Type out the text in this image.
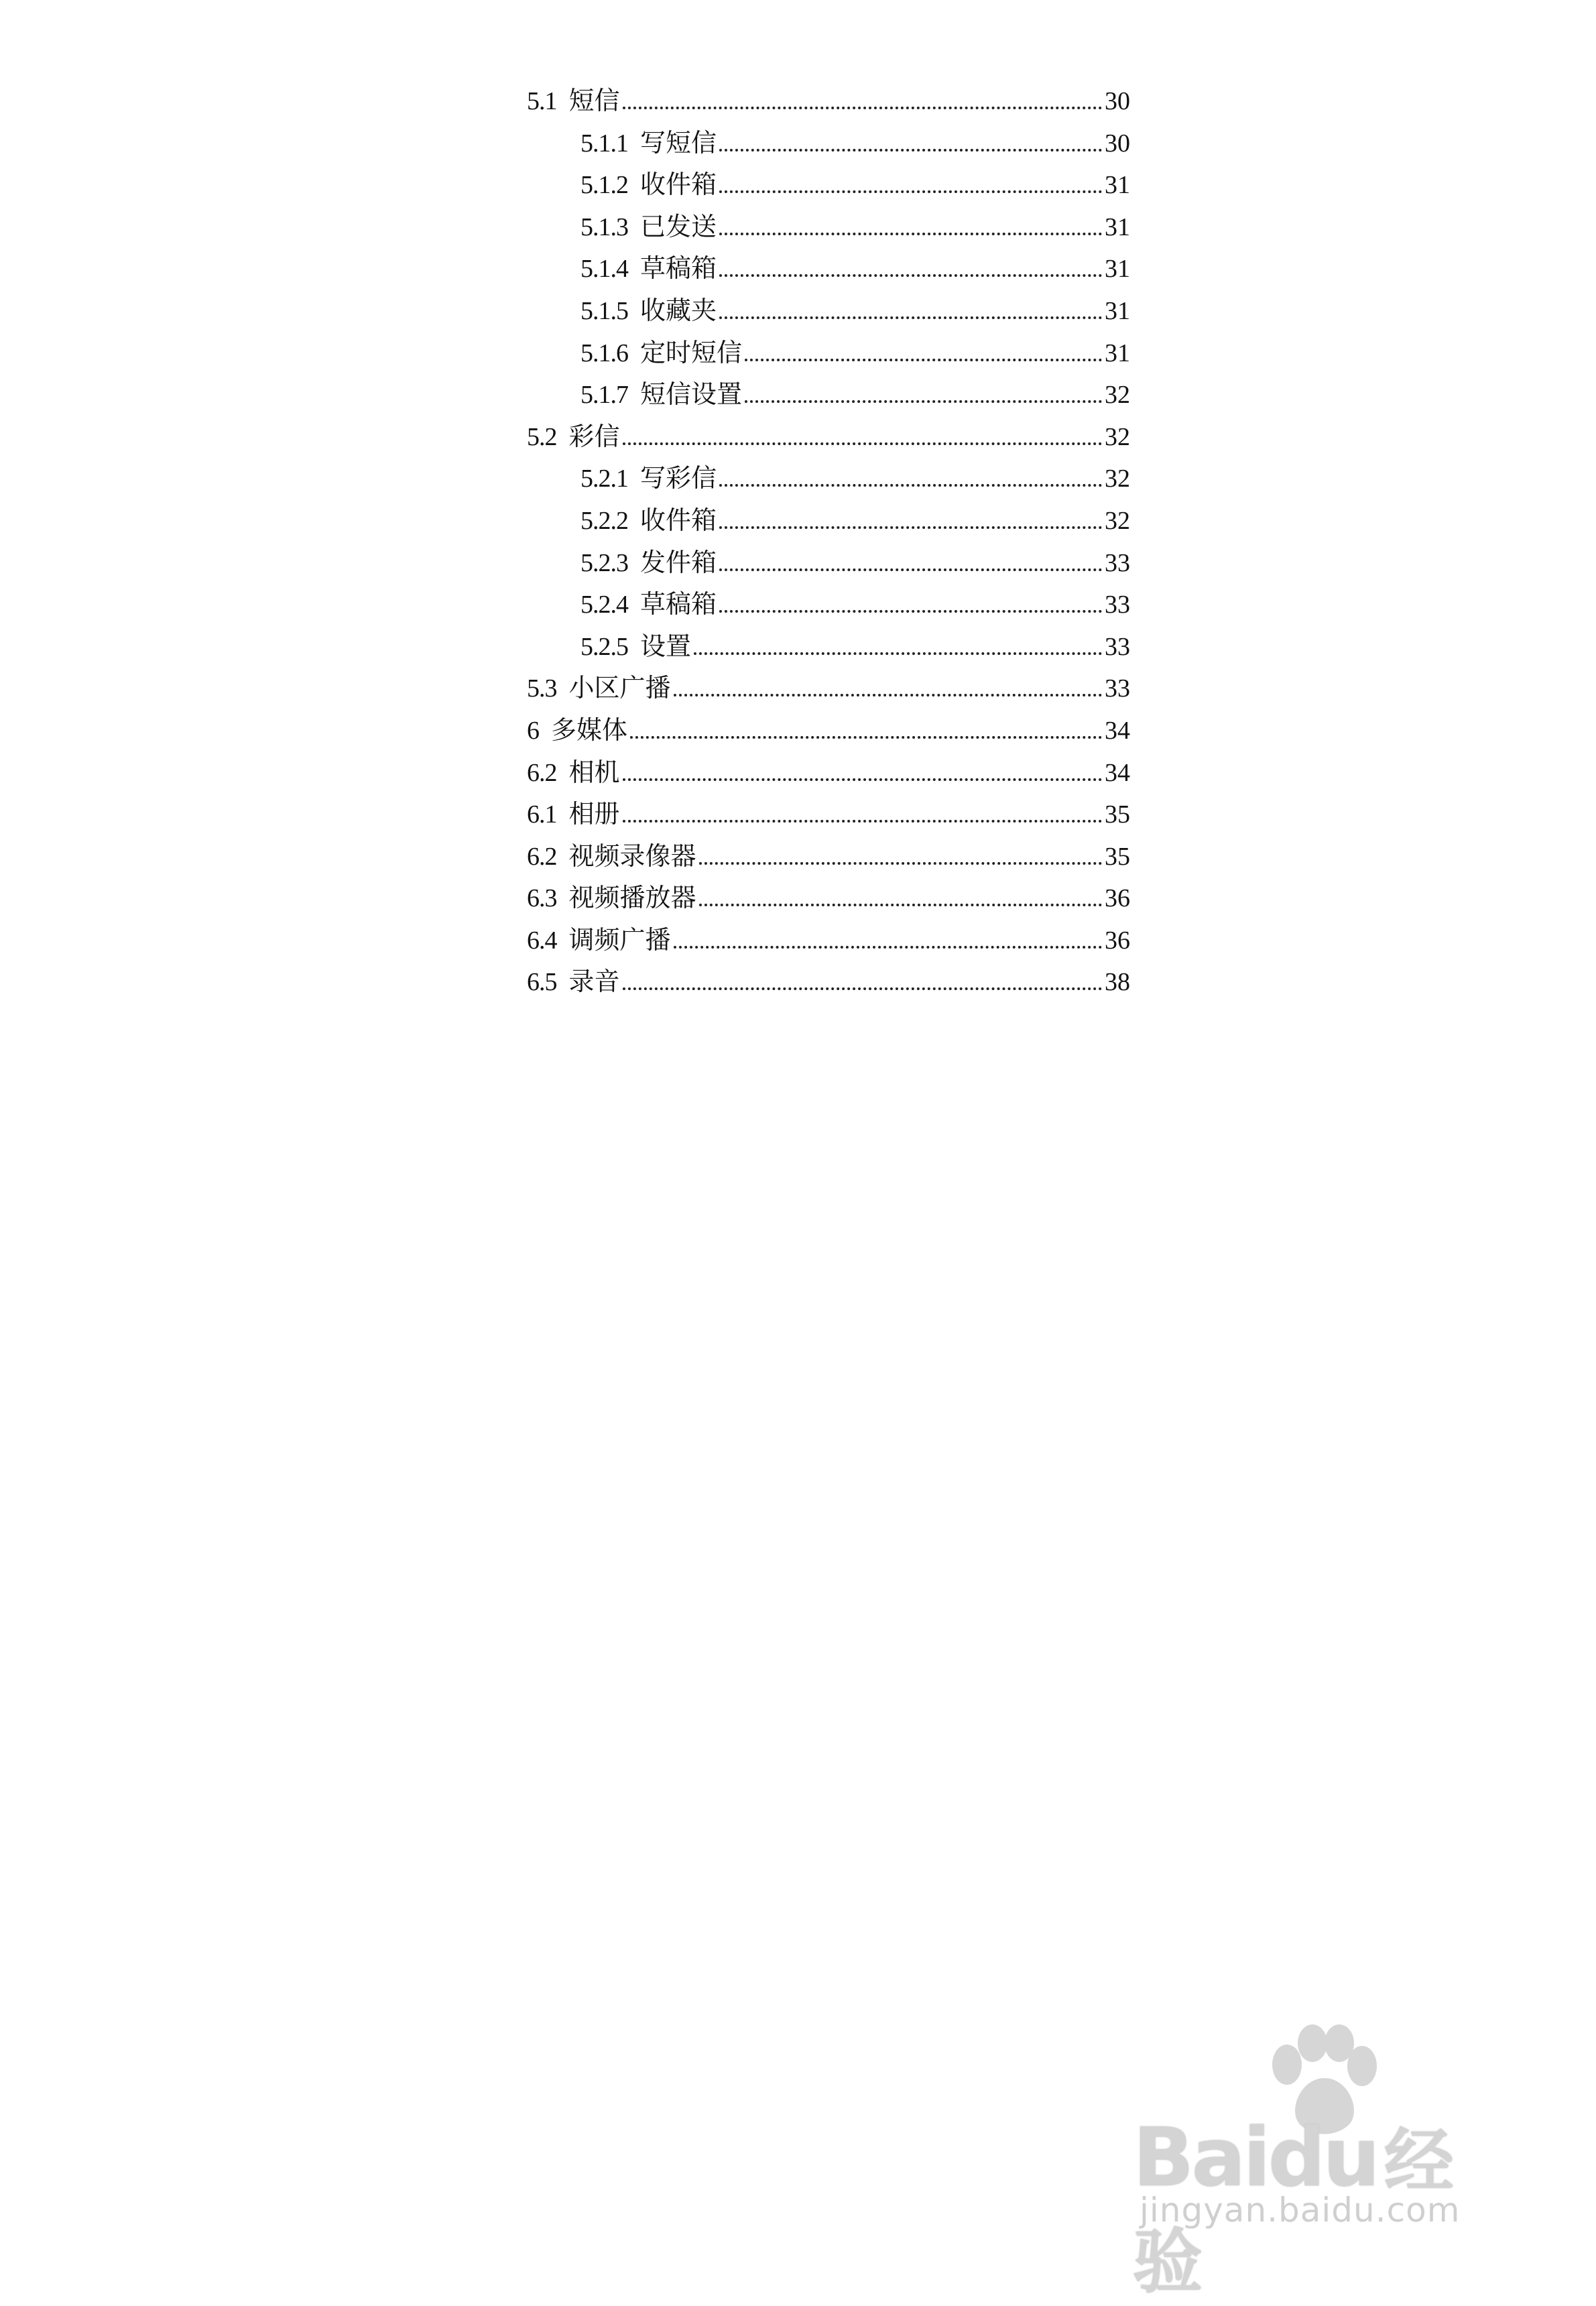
5.1 短信	30
5.1.1 写短信	30
5.1.2 收件箱	31
5.1.3 已发送	31
5.1.4 草稿箱	31
5.1.5 收藏夹	31
5.1.6 定时短信	31
5.1.7 短信设置	32
5.2 彩信	32
5.2.1 写彩信	32
5.2.2 收件箱	32
5.2.3 发件箱	33
5.2.4 草稿箱	33
5.2.5 设置	33
5.3 小区广播	33
6 多媒体	34
6.2 相机	34
6.1 相册	35
6.2 视频录像器	35
6.3 视频播放器	36
6.4 调频广播	36
6.5 录音	38
Baidu经验
jingyan.baidu.com
